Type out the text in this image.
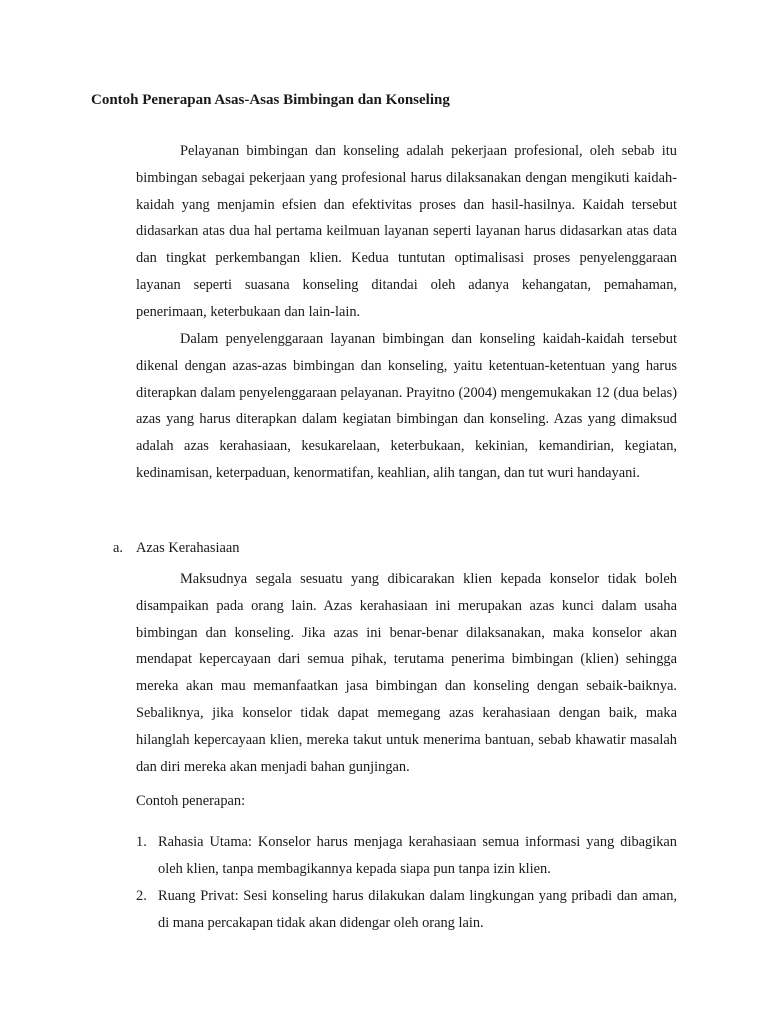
Contoh Penerapan Asas-Asas Bimbingan dan Konseling

Pelayanan bimbingan dan konseling adalah pekerjaan profesional, oleh sebab itu bimbingan sebagai pekerjaan yang profesional harus dilaksanakan dengan mengikuti kaidah-kaidah yang menjamin efsien dan efektivitas proses dan hasil-hasilnya. Kaidah tersebut didasarkan atas dua hal pertama keilmuan layanan seperti layanan harus didasarkan atas data dan tingkat perkembangan klien. Kedua tuntutan optimalisasi proses penyelenggaraan layanan seperti suasana konseling ditandai oleh adanya kehangatan, pemahaman, penerimaan, keterbukaan dan lain-lain.

Dalam penyelenggaraan layanan bimbingan dan konseling kaidah-kaidah tersebut dikenal dengan azas-azas bimbingan dan konseling, yaitu ketentuan-ketentuan yang harus diterapkan dalam penyelenggaraan pelayanan. Prayitno (2004) mengemukakan 12 (dua belas) azas yang harus diterapkan dalam kegiatan bimbingan dan konseling. Azas yang dimaksud adalah azas kerahasiaan, kesukarelaan, keterbukaan, kekinian, kemandirian, kegiatan, kedinamisan, keterpaduan, kenormatifan, keahlian, alih tangan, dan tut wuri handayani.

a. Azas Kerahasiaan

Maksudnya segala sesuatu yang dibicarakan klien kepada konselor tidak boleh disampaikan pada orang lain. Azas kerahasiaan ini merupakan azas kunci dalam usaha bimbingan dan konseling. Jika azas ini benar-benar dilaksanakan, maka konselor akan mendapat kepercayaan dari semua pihak, terutama penerima bimbingan (klien) sehingga mereka akan mau memanfaatkan jasa bimbingan dan konseling dengan sebaik-baiknya. Sebaliknya, jika konselor tidak dapat memegang azas kerahasiaan dengan baik, maka hilanglah kepercayaan klien, mereka takut untuk menerima bantuan, sebab khawatir masalah dan diri mereka akan menjadi bahan gunjingan.

Contoh penerapan:
1. Rahasia Utama: Konselor harus menjaga kerahasiaan semua informasi yang dibagikan oleh klien, tanpa membagikannya kepada siapa pun tanpa izin klien.

2. Ruang Privat: Sesi konseling harus dilakukan dalam lingkungan yang pribadi dan aman, di mana percakapan tidak akan didengar oleh orang lain.
